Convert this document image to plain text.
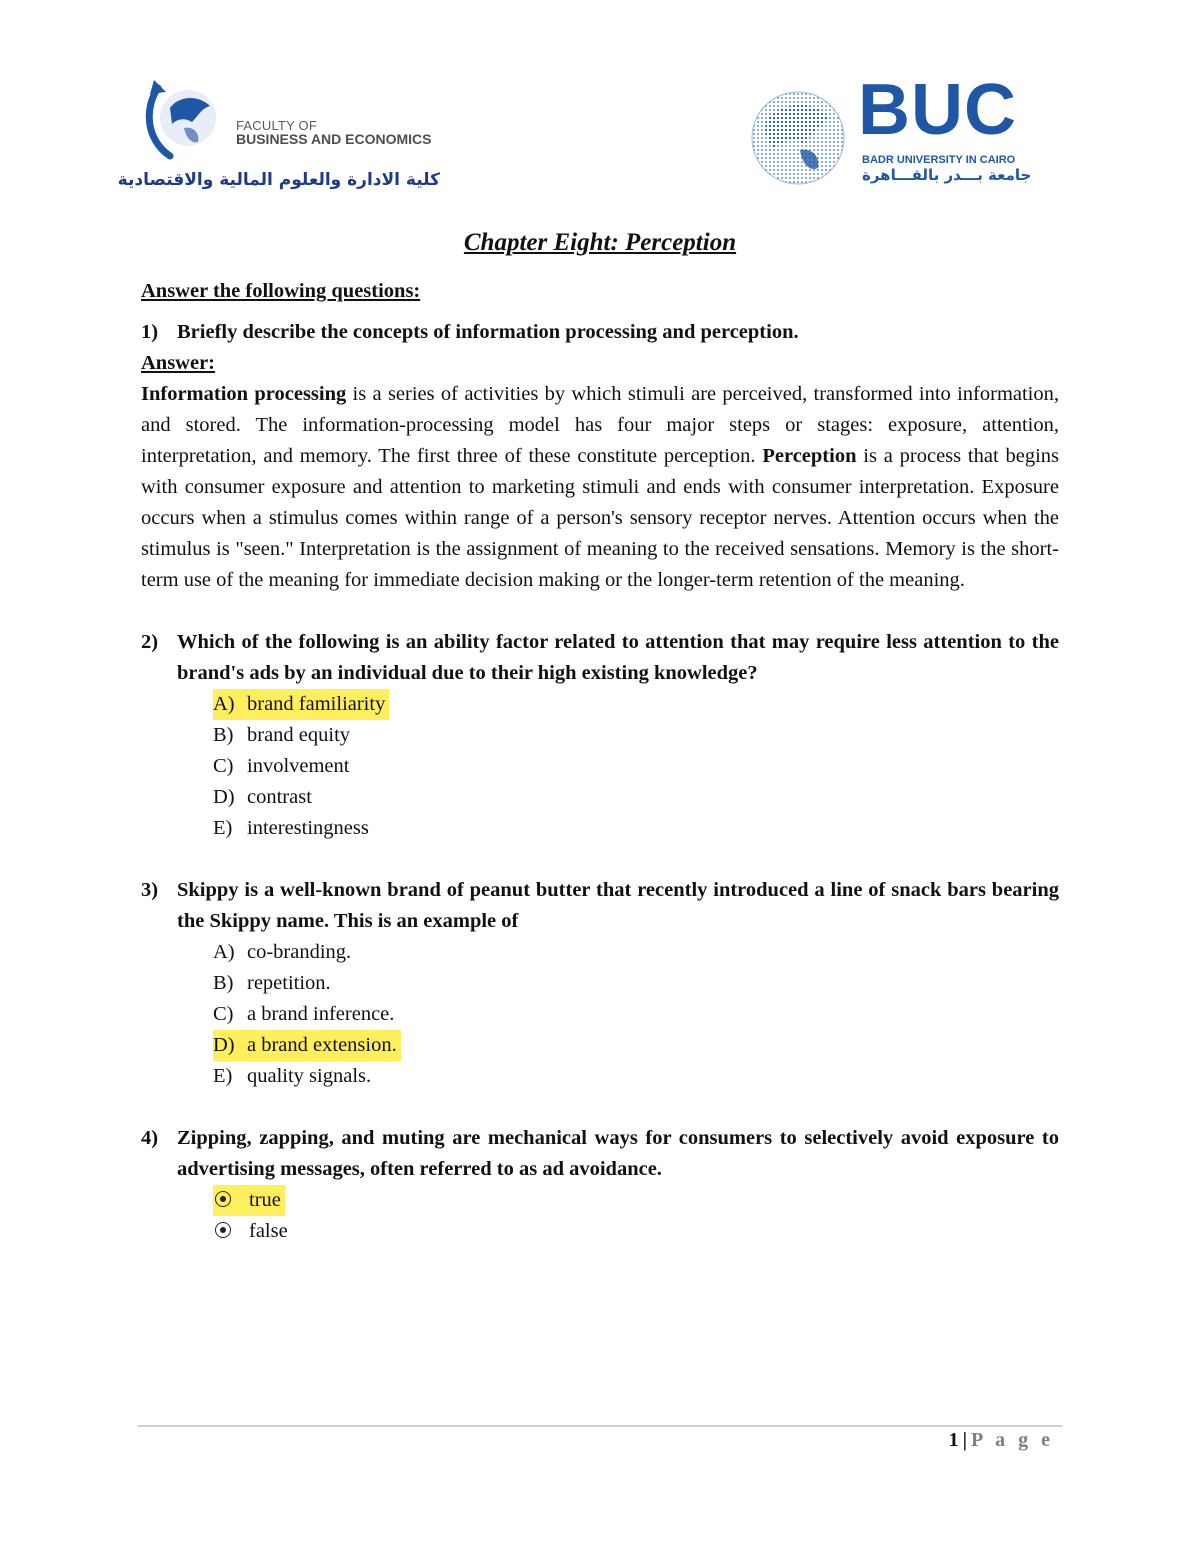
FACULTY OF
BUSINESS AND ECONOMICS
كلية الادارة والعلوم المالية والاقتصادية
BUC
BADR UNIVERSITY IN CAIRO
جامعة بـــدر بالقـــاهرة
Chapter Eight: Perception

Answer the following questions:

1) Briefly describe the concepts of information processing and perception.

Answer:

Information processing is a series of activities by which stimuli are perceived, transformed into information, and stored. The information-processing model has four major steps or stages: exposure, attention, interpretation, and memory. The first three of these constitute perception. Perception is a process that begins with consumer exposure and attention to marketing stimuli and ends with consumer interpretation. Exposure occurs when a stimulus comes within range of a person's sensory receptor nerves. Attention occurs when the stimulus is "seen." Interpretation is the assignment of meaning to the received sensations. Memory is the short-term use of the meaning for immediate decision making or the longer-term retention of the meaning.

2) Which of the following is an ability factor related to attention that may require less attention to the brand's ads by an individual due to their high existing knowledge?
A) brand familiarity
B) brand equity
C) involvement
D) contrast
E) interestingness
3) Skippy is a well-known brand of peanut butter that recently introduced a line of snack bars bearing the Skippy name. This is an example of
A) co-branding.
B) repetition.
C) a brand inference.
D) a brand extension.
E) quality signals.
4) Zipping, zapping, and muting are mechanical ways for consumers to selectively avoid exposure to advertising messages, often referred to as ad avoidance.
true
false
1 | P a g e
